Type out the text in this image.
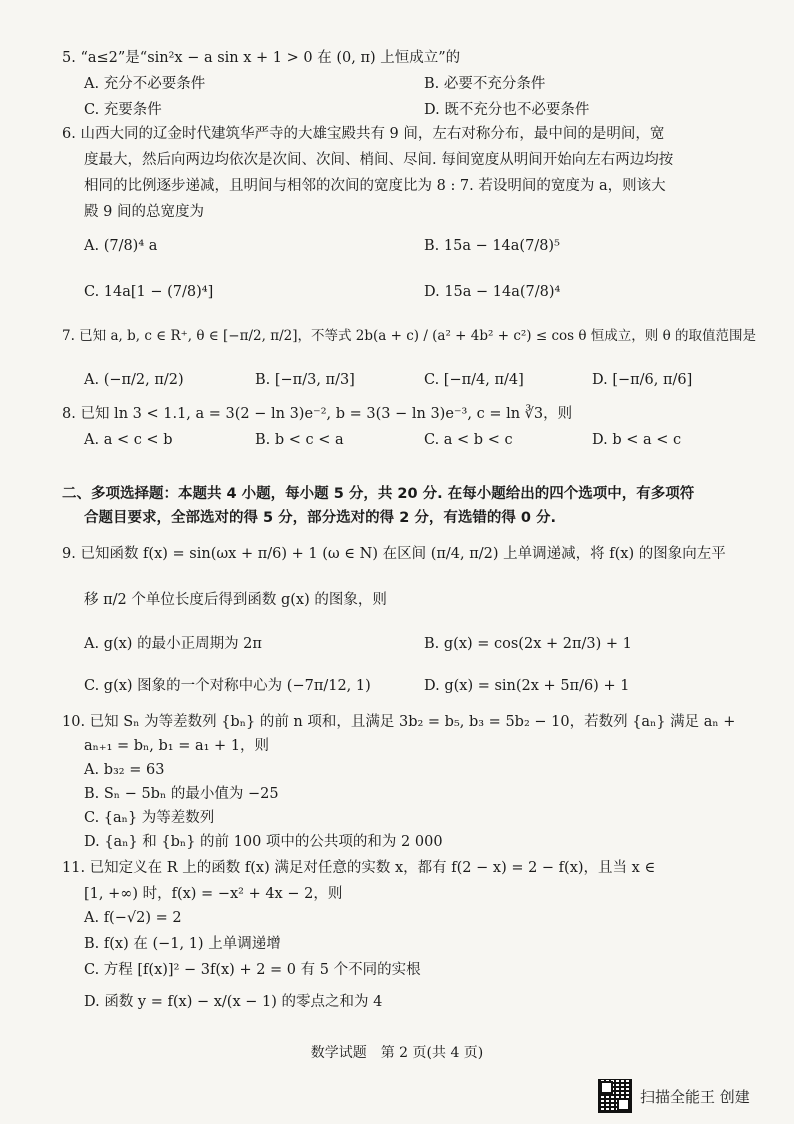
5. “a≤2”是“sin²x − a sin x + 1 > 0 在 (0, π) 上恒成立”的
A. 充分不必要条件	B. 必要不充分条件
C. 充要条件	D. 既不充分也不必要条件
6. 山西大同的辽金时代建筑华严寺的大雄宝殿共有 9 间，左右对称分布，最中间的是明间，宽
度最大，然后向两边均依次是次间、次间、梢间、尽间. 每间宽度从明间开始向左右两边均按
相同的比例逐步递减，且明间与相邻的次间的宽度比为 8 : 7. 若设明间的宽度为 a，则该大
殿 9 间的总宽度为
A. (7/8)⁴ a	B. 15a − 14a(7/8)⁵
C. 14a[1 − (7/8)⁴]	D. 15a − 14a(7/8)⁴
7. 已知 a, b, c ∈ R⁺, θ ∈ [−π/2, π/2]，不等式 2b(a + c) / (a² + 4b² + c²) ≤ cos θ 恒成立，则 θ 的取值范围是
A. (−π/2, π/2)	B. [−π/3, π/3]	C. [−π/4, π/4]	D. [−π/6, π/6]
8. 已知 ln 3 < 1.1, a = 3(2 − ln 3)e⁻², b = 3(3 − ln 3)e⁻³, c = ln ∛3，则
A. a < c < b	B. b < c < a	C. a < b < c	D. b < a < c
二、多项选择题：本题共 4 小题，每小题 5 分，共 20 分. 在每小题给出的四个选项中，有多项符
合题目要求，全部选对的得 5 分，部分选对的得 2 分，有选错的得 0 分.
9. 已知函数 f(x) = sin(ωx + π/6) + 1 (ω ∈ N) 在区间 (π/4, π/2) 上单调递减，将 f(x) 的图象向左平
移 π/2 个单位长度后得到函数 g(x) 的图象，则
A. g(x) 的最小正周期为 2π	B. g(x) = cos(2x + 2π/3) + 1
C. g(x) 图象的一个对称中心为 (−7π/12, 1)	D. g(x) = sin(2x + 5π/6) + 1
10. 已知 Sₙ 为等差数列 {bₙ} 的前 n 项和，且满足 3b₂ = b₅, b₃ = 5b₂ − 10，若数列 {aₙ} 满足 aₙ +
aₙ₊₁ = bₙ, b₁ = a₁ + 1，则
A. b₃₂ = 63
B. Sₙ − 5bₙ 的最小值为 −25
C. {aₙ} 为等差数列
D. {aₙ} 和 {bₙ} 的前 100 项中的公共项的和为 2 000
11. 已知定义在 R 上的函数 f(x) 满足对任意的实数 x，都有 f(2 − x) = 2 − f(x)，且当 x ∈
[1, +∞) 时，f(x) = −x² + 4x − 2，则
A. f(−√2) = 2
B. f(x) 在 (−1, 1) 上单调递增
C. 方程 [f(x)]² − 3f(x) + 2 = 0 有 5 个不同的实根
D. 函数 y = f(x) − x/(x − 1) 的零点之和为 4
数学试题　第 2 页(共 4 页)
扫描全能王 创建
